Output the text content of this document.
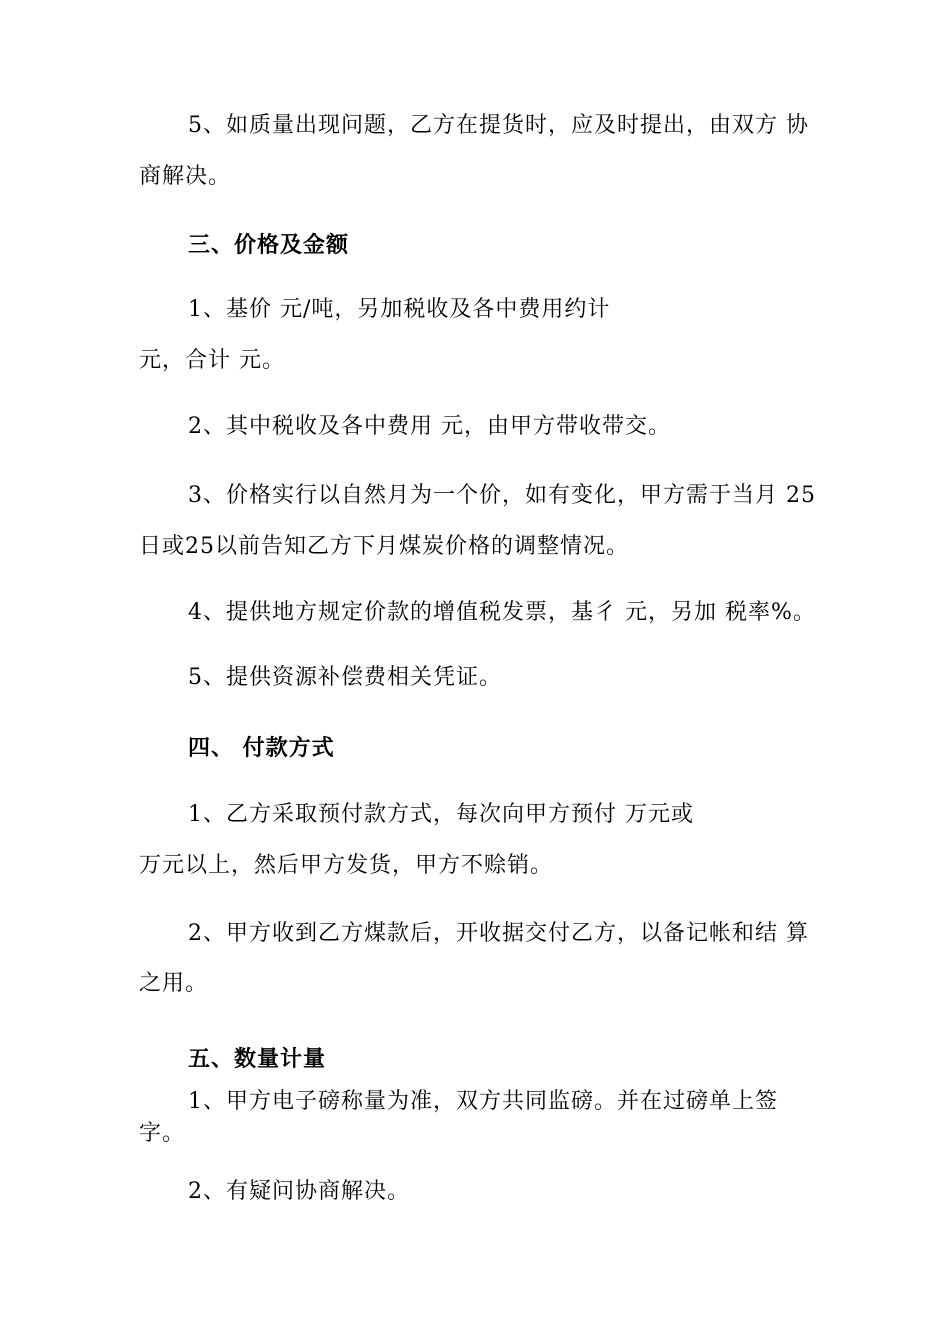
5、如质量出现问题，乙方在提货时，应及时提出，由双方 协
商解决。
三、价格及金额
1、基价 元/吨，另加税收及各中费用约计
元，合计 元。
2、其中税收及各中费用 元，由甲方带收带交。
3、价格实行以自然月为一个价，如有变化，甲方需于当月 25
日或25以前告知乙方下月煤炭价格的调整情况。
4、提供地方规定价款的增值税发票，基彳 元，另加 税率%。
5、提供资源补偿费相关凭证。
四、 付款方式
1、乙方采取预付款方式，每次向甲方预付 万元或
万元以上，然后甲方发货，甲方不赊销。
2、甲方收到乙方煤款后，开收据交付乙方，以备记帐和结 算
之用。
五、数量计量
1、甲方电子磅称量为准，双方共同监磅。并在过磅单上签
字。
2、有疑问协商解决。
